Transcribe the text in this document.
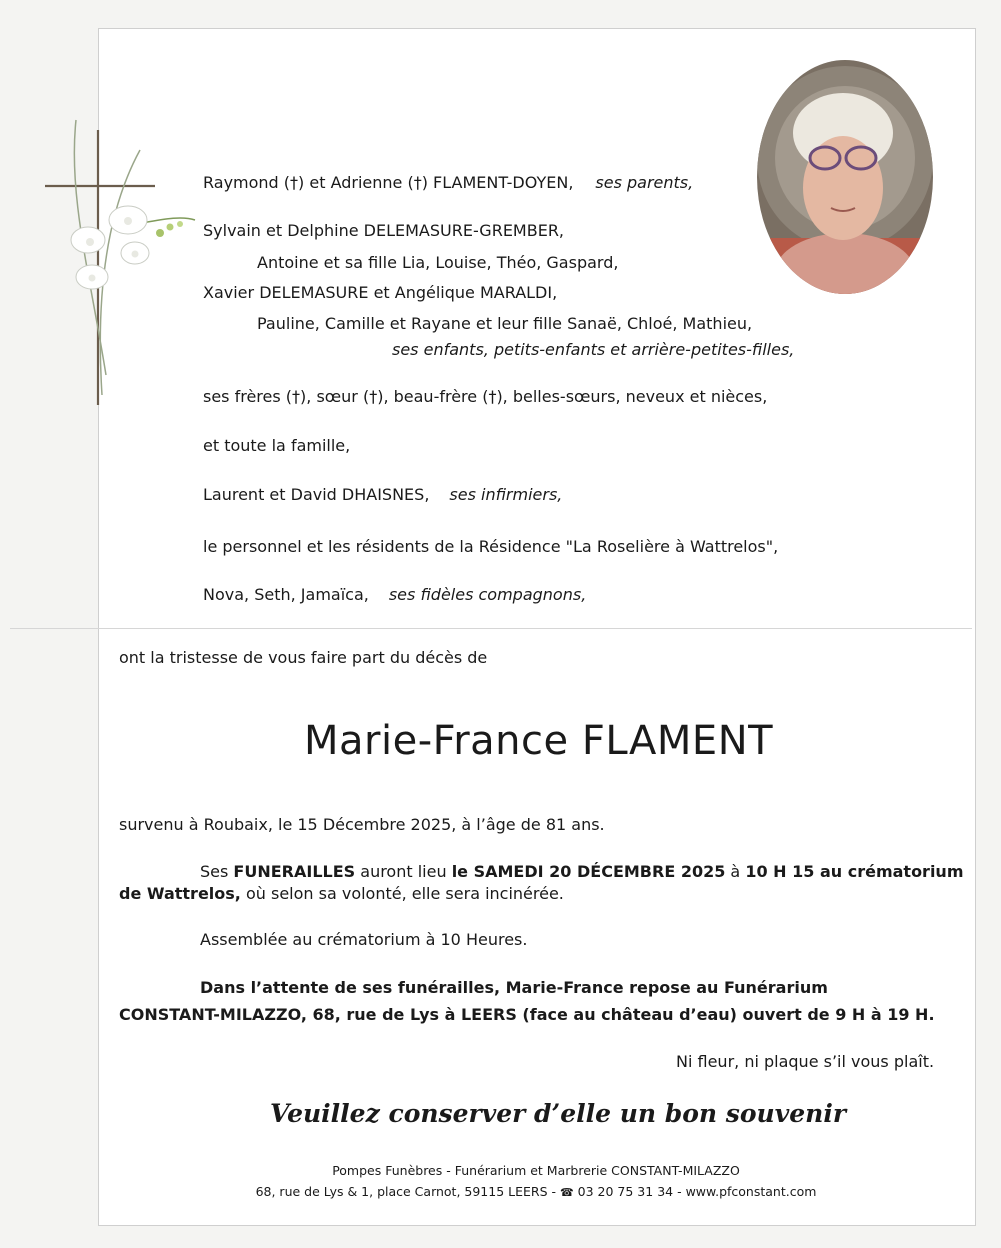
Raymond (†) et Adrienne (†) FLAMENT-DOYEN, ses parents,
Sylvain et Delphine DELEMASURE-GREMBER,
Antoine et sa fille Lia, Louise, Théo, Gaspard,
Xavier DELEMASURE et Angélique MARALDI,
Pauline, Camille et Rayane et leur fille Sanaë, Chloé, Mathieu,
ses enfants, petits-enfants et arrière-petites-filles,
ses frères (†), sœur (†), beau-frère (†), belles-sœurs, neveux et nièces,
et toute la famille,
Laurent et David DHAISNES, ses infirmiers,
le personnel et les résidents de la Résidence "La Roselière à Wattrelos",
Nova, Seth, Jamaïca, ses fidèles compagnons,
ont la tristesse de vous faire part du décès de
Marie-France FLAMENT
survenu à Roubaix, le 15 Décembre 2025, à l’âge de 81 ans.
Ses FUNERAILLES auront lieu le SAMEDI 20 DÉCEMBRE 2025 à 10 H 15 au crématorium
de Wattrelos, où selon sa volonté, elle sera incinérée.
Assemblée au crématorium à 10 Heures.
Dans l’attente de ses funérailles, Marie-France repose au Funérarium
CONSTANT-MILAZZO, 68, rue de Lys à LEERS (face au château d’eau) ouvert de 9 H à 19 H.
Ni fleur, ni plaque s’il vous plaît.
Veuillez conserver d’elle un bon souvenir
Pompes Funèbres - Funérarium et Marbrerie CONSTANT-MILAZZO
68, rue de Lys & 1, place Carnot, 59115 LEERS - ☎ 03 20 75 31 34 - www.pfconstant.com
